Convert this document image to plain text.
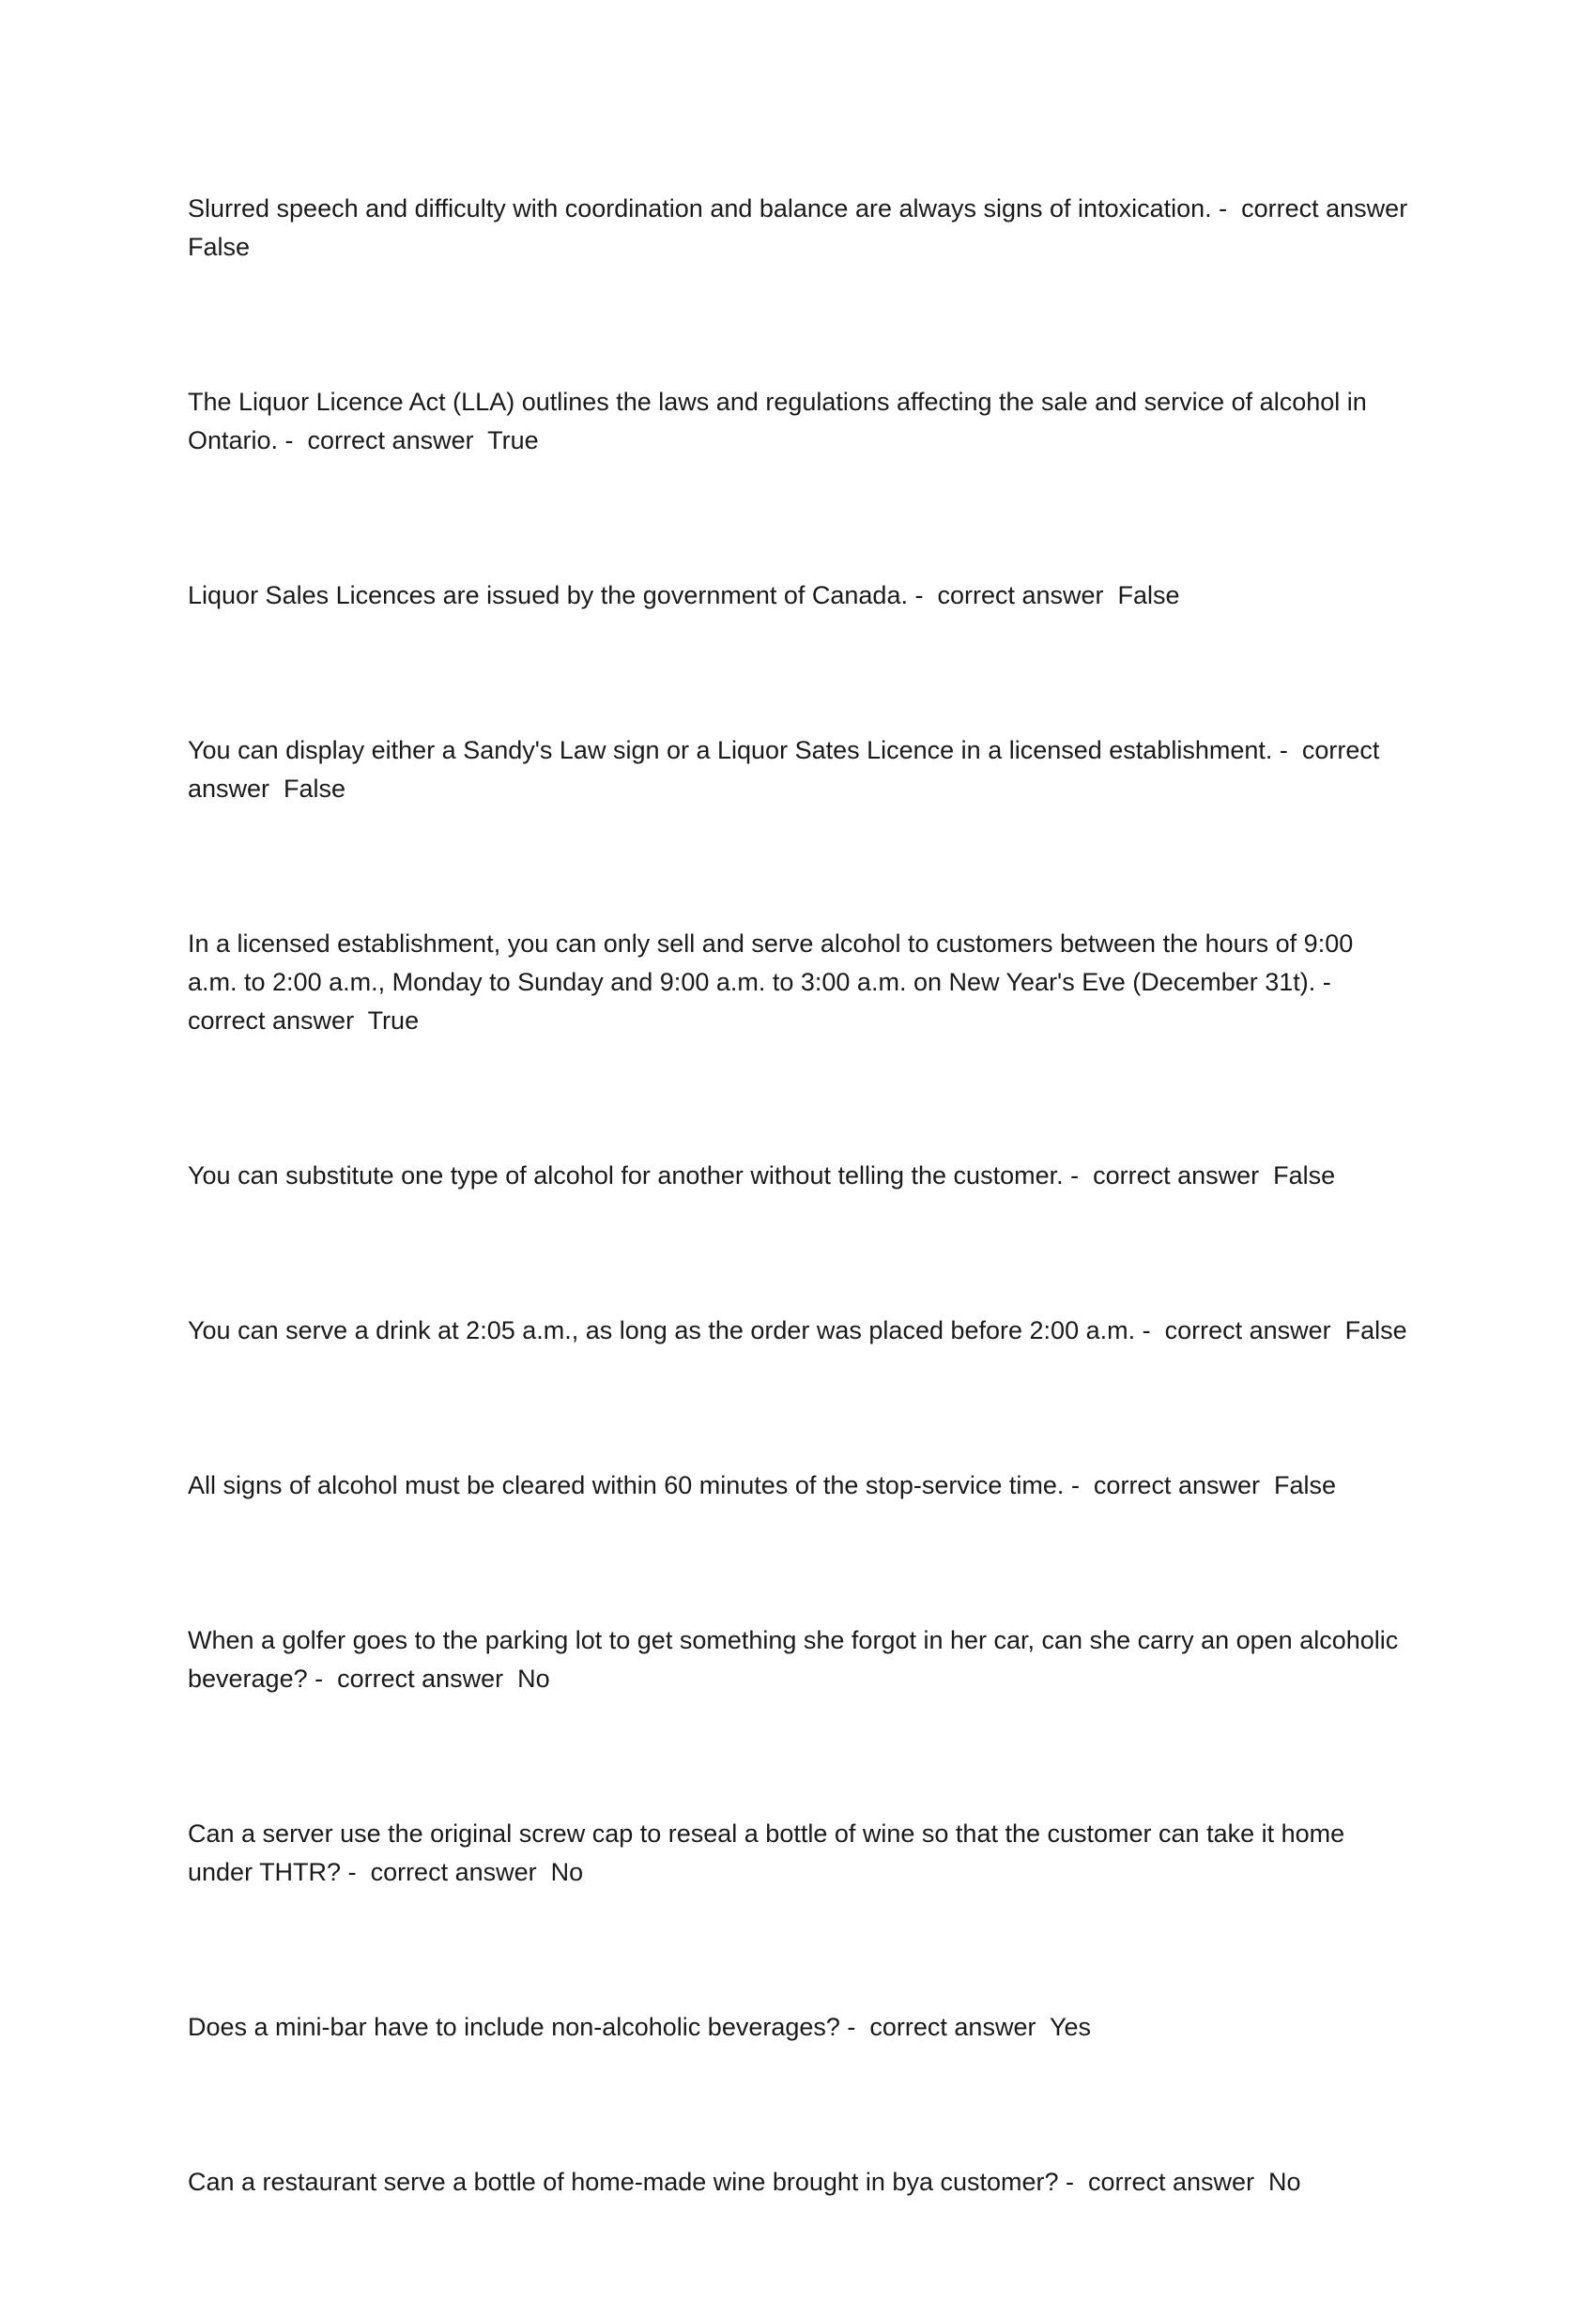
Slurred speech and difficulty with coordination and balance are always signs of intoxication. -  correct answer  False
The Liquor Licence Act (LLA) outlines the laws and regulations affecting the sale and service of alcohol in Ontario. -  correct answer  True
Liquor Sales Licences are issued by the government of Canada. -  correct answer  False
You can display either a Sandy's Law sign or a Liquor Sates Licence in a licensed establishment. -  correct answer  False
In a licensed establishment, you can only sell and serve alcohol to customers between the hours of 9:00 a.m. to 2:00 a.m., Monday to Sunday and 9:00 a.m. to 3:00 a.m. on New Year's Eve (December 31t). -  correct answer  True
You can substitute one type of alcohol for another without telling the customer. -  correct answer  False
You can serve a drink at 2:05 a.m., as long as the order was placed before 2:00 a.m. -  correct answer  False
All signs of alcohol must be cleared within 60 minutes of the stop-service time. -  correct answer  False
When a golfer goes to the parking lot to get something she forgot in her car, can she carry an open alcoholic beverage? -  correct answer  No
Can a server use the original screw cap to reseal a bottle of wine so that the customer can take it home under THTR? -  correct answer  No
Does a mini-bar have to include non-alcoholic beverages? -  correct answer  Yes
Can a restaurant serve a bottle of home-made wine brought in bya customer? -  correct answer  No
